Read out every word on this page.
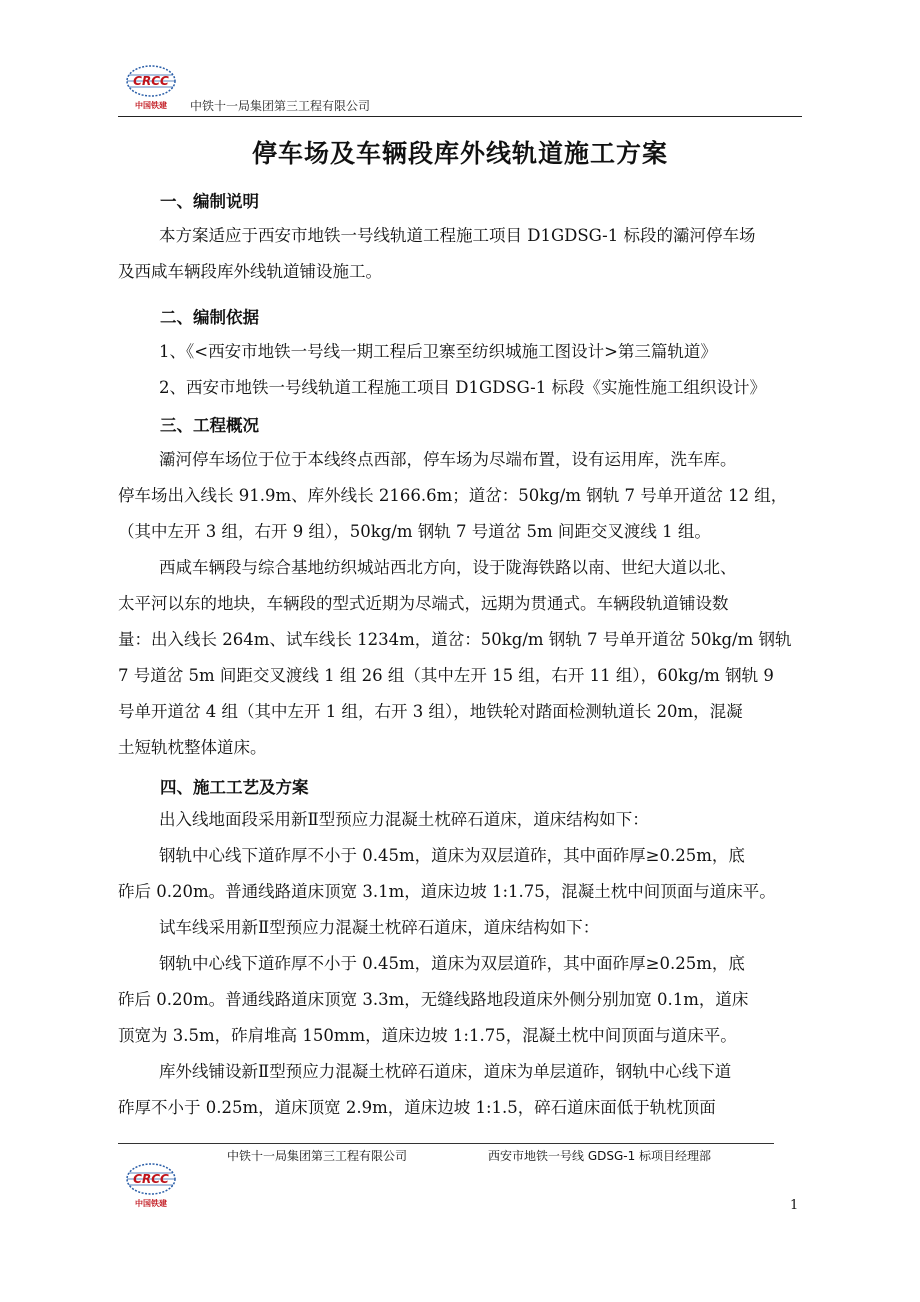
CRCC
中国铁建 中铁十一局集团第三工程有限公司
停车场及车辆段库外线轨道施工方案
一、编制说明
本方案适应于西安市地铁一号线轨道工程施工项目 D1GDSG-1 标段的灞河停车场
及西咸车辆段库外线轨道铺设施工。
二、编制依据
1、《<西安市地铁一号线一期工程后卫寨至纺织城施工图设计>第三篇轨道》
2、西安市地铁一号线轨道工程施工项目 D1GDSG-1 标段《实施性施工组织设计》
三、工程概况
灞河停车场位于位于本线终点西部，停车场为尽端布置，设有运用库，洗车库。
停车场出入线长 91.9m、库外线长 2166.6m；道岔：50kg/m 钢轨 7 号单开道岔 12 组，
（其中左开 3 组，右开 9 组），50kg/m 钢轨 7 号道岔 5m 间距交叉渡线 1 组。
西咸车辆段与综合基地纺织城站西北方向，设于陇海铁路以南、世纪大道以北、
太平河以东的地块，车辆段的型式近期为尽端式，远期为贯通式。车辆段轨道铺设数
量：出入线长 264m、试车线长 1234m，道岔：50kg/m 钢轨 7 号单开道岔 50kg/m 钢轨
7 号道岔 5m 间距交叉渡线 1 组 26 组（其中左开 15 组，右开 11 组），60kg/m 钢轨 9
号单开道岔 4 组（其中左开 1 组，右开 3 组），地铁轮对踏面检测轨道长 20m，混凝
土短轨枕整体道床。
四、施工工艺及方案
出入线地面段采用新Ⅱ型预应力混凝土枕碎石道床，道床结构如下：
钢轨中心线下道砟厚不小于 0.45m，道床为双层道砟，其中面砟厚≥0.25m，底
砟后 0.20m。普通线路道床顶宽 3.1m，道床边坡 1:1.75，混凝土枕中间顶面与道床平。
试车线采用新Ⅱ型预应力混凝土枕碎石道床，道床结构如下：
钢轨中心线下道砟厚不小于 0.45m，道床为双层道砟，其中面砟厚≥0.25m，底
砟后 0.20m。普通线路道床顶宽 3.3m，无缝线路地段道床外侧分别加宽 0.1m，道床
顶宽为 3.5m，砟肩堆高 150mm，道床边坡 1:1.75，混凝土枕中间顶面与道床平。
库外线铺设新Ⅱ型预应力混凝土枕碎石道床，道床为单层道砟，钢轨中心线下道
砟厚不小于 0.25m，道床顶宽 2.9m，道床边坡 1:1.5，碎石道床面低于轨枕顶面
中铁十一局集团第三工程有限公司	西安市地铁一号线 GDSG-1 标项目经理部
CRCC
中国铁建	1
